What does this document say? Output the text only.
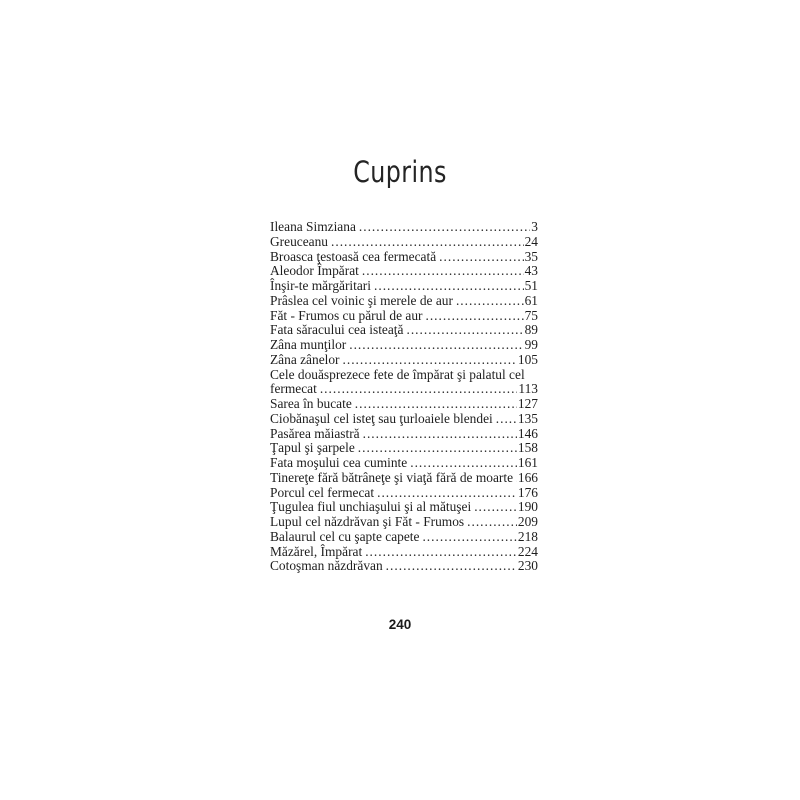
Cuprins
Ileana Simziana .....	3
Greuceanu .....	24
Broasca ţestoasă cea fermecată .....	35
Aleodor Împărat .....	43
Înşir-te mărgăritari .....	51
Prâslea cel voinic şi merele de aur .....	61
Făt - Frumos cu părul de aur .....	75
Fata săracului cea isteaţă .....	89
Zâna munţilor .....	99
Zâna zânelor .....	105
Cele douăsprezece fete de împărat şi palatul cel
fermecat .....	113
Sarea în bucate .....	127
Ciobănaşul cel isteţ sau ţurloaiele blendei ..... 135
Pasărea măiastră .....	146
Ţapul şi şarpele .....	158
Fata moşului cea cuminte .....	161
Tinereţe fără bătrâneţe şi viaţă fără de moarte ..... 166
Porcul cel fermecat .....	176
Ţugulea fiul unchiaşului şi al mătuşei .....	190
Lupul cel năzdrăvan şi Făt - Frumos .....	209
Balaurul cel cu şapte capete .....	218
Măzărel, Împărat .....	224
Cotoşman năzdrăvan .....	230
240
